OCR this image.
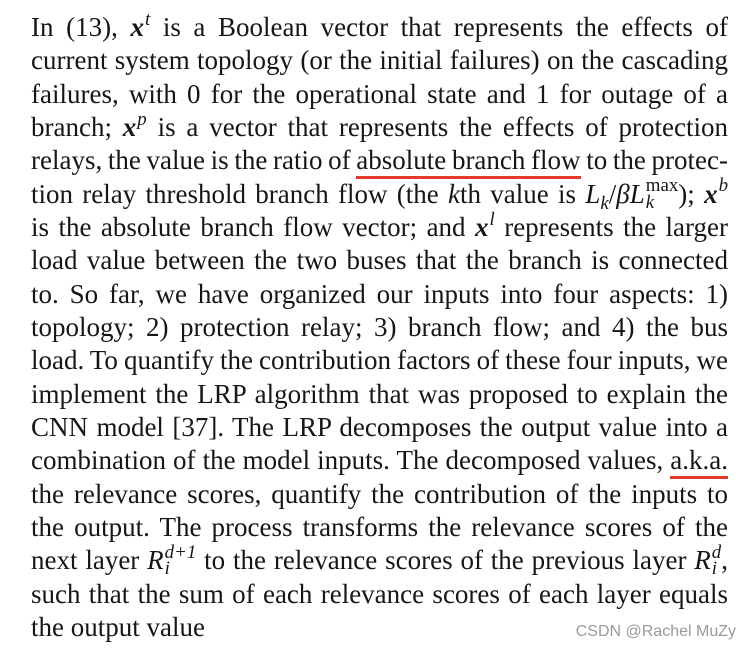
In (13), $x^t$ is a Boolean vector that represents the effects of
current system topology (or the initial failures) on the cascading
failures, with 0 for the operational state and 1 for outage of a
branch; $x^p$ is a vector that represents the effects of protection
relays, the value is the ratio of absolute branch flow to the protec-
tion relay threshold branch flow (the kth value is $L_k/\beta L^{max}$
k ); $x^b$
is the absolute branch flow vector; and $x^l$ represents the larger
load value between the two buses that the branch is connected
to. So far, we have organized our inputs into four aspects: 1)
topology; 2) protection relay; 3) branch flow; and 4) the bus
load. To quantify the contribution factors of these four inputs, we
implement the LRP algorithm that was proposed to explain the
CNN model [37]. The LRP decomposes the output value into a
combination of the model inputs. The decomposed values, a.k.a.
the relevance scores, quantify the contribution of the inputs to
the output. The process transforms the relevance scores of the
next layer $R^{d+1}$
i to the relevance scores of the previous layer $R^d$
i ,
such that the sum of each relevance scores of each layer equals
the output value	CSDN @Rachel MuZy
